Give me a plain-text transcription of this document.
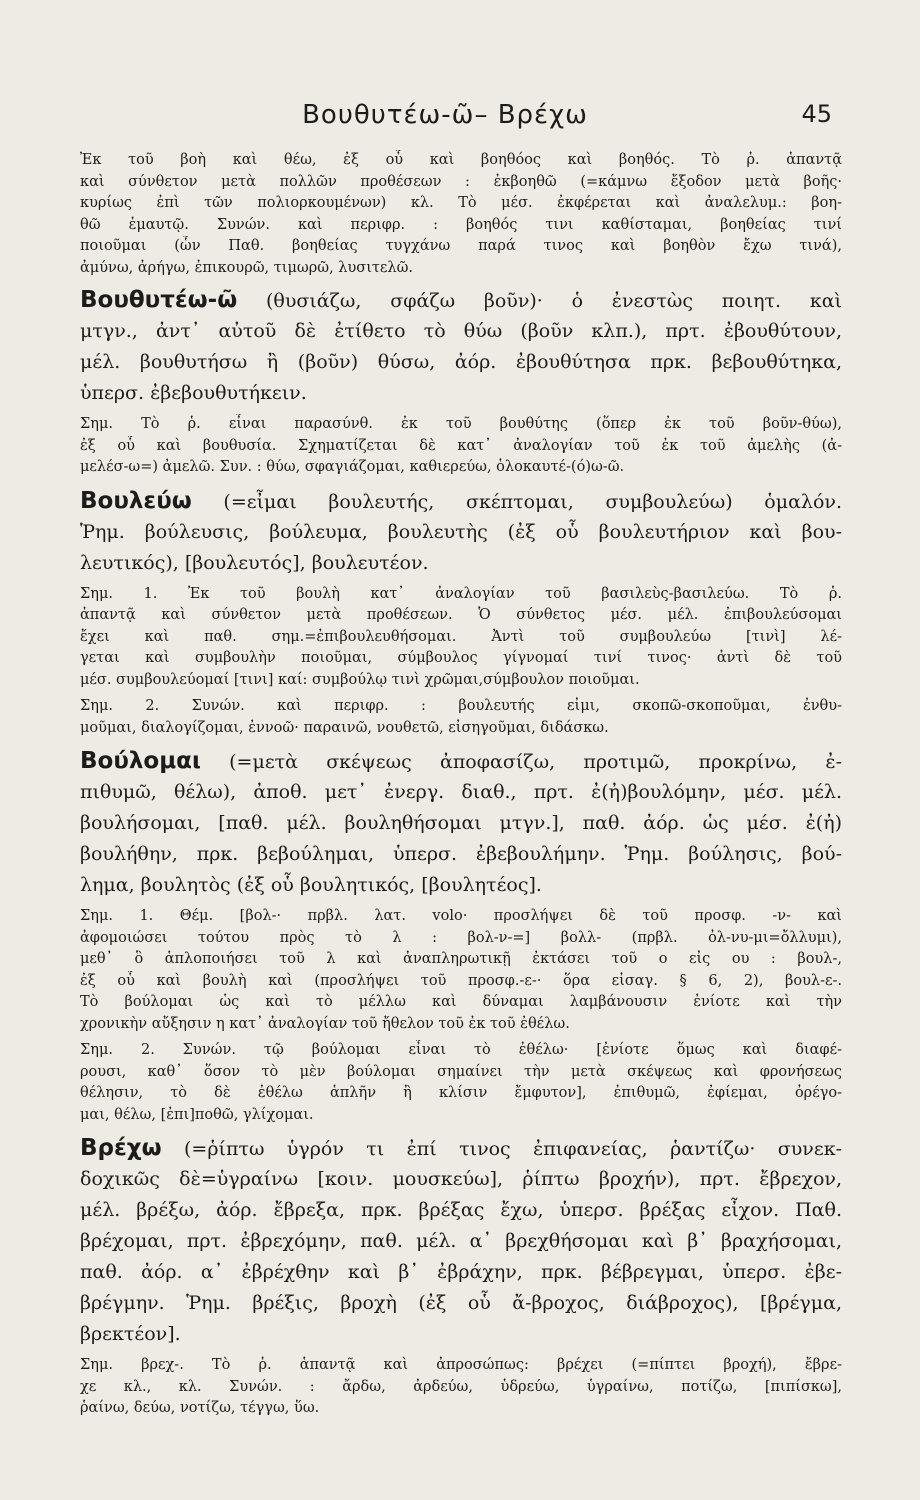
Βουθυτέω-ῶ– Βρέχω	45
Ἐκ τοῦ βοὴ καὶ θέω, ἐξ οὗ καὶ βοηθόος καὶ βοηθός. Τὸ ῥ. ἁπαντᾷ
καὶ σύνθετον μετὰ πολλῶν προθέσεων : ἐκβοηθῶ (=κάμνω ἔξοδον μετὰ βοῆς·
κυρίως ἐπὶ τῶν πολιορκουμένων) κλ. Τὸ μέσ. ἐκφέρεται καὶ ἀναλελυμ.: βοη-
θῶ ἐμαυτῷ. Συνών. καὶ περιφρ. : βοηθός τινι καθίσταμαι, βοηθείας τινί
ποιοῦμαι (ὧν Παθ. βοηθείας τυγχάνω παρά τινος καὶ βοηθὸν ἔχω τινά),
ἀμύνω, ἀρήγω, ἐπικουρῶ, τιμωρῶ, λυσιτελῶ.
Βουθυτέω-ῶ (θυσιάζω, σφάζω βοῦν)· ὁ ἐνεστὼς ποιητ. καὶ
μτγν., ἀντ᾽ αὐτοῦ δὲ ἐτίθετο τὸ θύω (βοῦν κλπ.), πρτ. ἐβουθύτουν,
μέλ. βουθυτήσω ἢ (βοῦν) θύσω, ἀόρ. ἐβουθύτησα πρκ. βεβουθύτηκα,
ὑπερσ. ἐβεβουθυτήκειν.
Σημ. Τὸ ῥ. εἶναι παρασύνθ. ἐκ τοῦ βουθύτης (ὅπερ ἐκ τοῦ βοῦν-θύω),
ἐξ οὗ καὶ βουθυσία. Σχηματίζεται δὲ κατ᾽ ἀναλογίαν τοῦ ἐκ τοῦ ἀμελὴς (ἀ-
μελέσ-ω=) ἀμελῶ. Συν. : θύω, σφαγιάζομαι, καθιερεύω, ὁλοκαυτέ-(ό)ω-ῶ.
Βουλεύω (=εἶμαι βουλευτής, σκέπτομαι, συμβουλεύω) ὁμαλόν.
Ῥημ. βούλευσις, βούλευμα, βουλευτὴς (ἐξ οὗ βουλευτήριον καὶ βου-
λευτικός), [βουλευτός], βουλευτέον.
Σημ. 1. Ἐκ τοῦ βουλὴ κατ᾽ ἀναλογίαν τοῦ βασιλεὺς-βασιλεύω. Τὸ ῥ.
ἁπαντᾷ καὶ σύνθετον μετὰ προθέσεων. Ὁ σύνθετος μέσ. μέλ. ἐπιβουλεύσομαι
ἔχει καὶ παθ. σημ.=ἐπιβουλευθήσομαι. Ἀντὶ τοῦ συμβουλεύω [τινὶ] λέ-
γεται καὶ συμβουλὴν ποιοῦμαι, σύμβουλος γίγνομαί τινί τινος· ἀντὶ δὲ τοῦ
μέσ. συμβουλεύομαί [τινι] καί: συμβούλῳ τινὶ χρῶμαι,σύμβουλον ποιοῦμαι.
Σημ. 2. Συνών. καὶ περιφρ. : βουλευτής εἰμι, σκοπῶ-σκοποῦμαι, ἐνθυ-
μοῦμαι, διαλογίζομαι, ἐννοῶ· παραινῶ, νουθετῶ, εἰσηγοῦμαι, διδάσκω.
Βούλομαι (=μετὰ σκέψεως ἀποφασίζω, προτιμῶ, προκρίνω, ἐ-
πιθυμῶ, θέλω), ἀποθ. μετ᾽ ἐνεργ. διαθ., πρτ. ἐ(ἠ)βουλόμην, μέσ. μέλ.
βουλήσομαι, [παθ. μέλ. βουληθήσομαι μτγν.], παθ. ἀόρ. ὡς μέσ. ἐ(ἠ)
βουλήθην, πρκ. βεβούλημαι, ὑπερσ. ἐβεβουλήμην. Ῥημ. βούλησις, βού-
λημα, βουλητὸς (ἐξ οὗ βουλητικός, [βουλητέος].
Σημ. 1. Θέμ. [βολ-· πρβλ. λατ. volo· προσλήψει δὲ τοῦ προσφ. -ν- καὶ
ἀφομοιώσει τούτου πρὸς τὸ λ : βολ-ν-=] βολλ- (πρβλ. ὀλ-νυ-μι=ὄλλυμι),
μεθ᾽ ὃ ἁπλοποιήσει τοῦ λ καὶ ἀναπληρωτικῇ ἐκτάσει τοῦ ο εἰς ου : βουλ-,
ἐξ οὗ καὶ βουλὴ καὶ (προσλήψει τοῦ προσφ.-ε-· ὅρα εἰσαγ. § 6, 2), βουλ-ε-.
Τὸ βούλομαι ὡς καὶ τὸ μέλλω καὶ δύναμαι λαμβάνουσιν ἐνίοτε καὶ τὴν
χρονικὴν αὔξησιν η κατ᾽ ἀναλογίαν τοῦ ἤθελον τοῦ ἐκ τοῦ ἐθέλω.
Σημ. 2. Συνών. τῷ βούλομαι εἶναι τὸ ἐθέλω· [ἐνίοτε ὅμως καὶ διαφέ-
ρουσι, καθ᾽ ὅσον τὸ μὲν βούλομαι σημαίνει τὴν μετὰ σκέψεως καὶ φρονήσεως
θέλησιν, τὸ δὲ ἐθέλω ἁπλῆν ἢ κλίσιν ἔμφυτον], ἐπιθυμῶ, ἐφίεμαι, ὀρέγο-
μαι, θέλω, [ἐπι]ποθῶ, γλίχομαι.
Βρέχω (=ῥίπτω ὑγρόν τι ἐπί τινος ἐπιφανείας, ῥαντίζω· συνεκ-
δοχικῶς δὲ=ὑγραίνω [κοιν. μουσκεύω], ῥίπτω βροχήν), πρτ. ἔβρεχον,
μέλ. βρέξω, ἀόρ. ἔβρεξα, πρκ. βρέξας ἔχω, ὑπερσ. βρέξας εἶχον. Παθ.
βρέχομαι, πρτ. ἐβρεχόμην, παθ. μέλ. α᾽ βρεχθήσομαι καὶ β᾽ βραχήσομαι,
παθ. ἀόρ. α᾽ ἐβρέχθην καὶ β᾽ ἐβράχην, πρκ. βέβρεγμαι, ὑπερσ. ἐβε-
βρέγμην. Ῥημ. βρέξις, βροχὴ (ἐξ οὗ ἄ-βροχος, διάβροχος), [βρέγμα,
βρεκτέον].
Σημ. βρεχ-. Τὸ ῥ. ἁπαντᾷ καὶ ἀπροσώπως: βρέχει (=πίπτει βροχή), ἔβρε-
χε κλ., κλ. Συνών. : ἄρδω, ἀρδεύω, ὑδρεύω, ὑγραίνω, ποτίζω, [πιπίσκω],
ῥαίνω, δεύω, νοτίζω, τέγγω, ὕω.
